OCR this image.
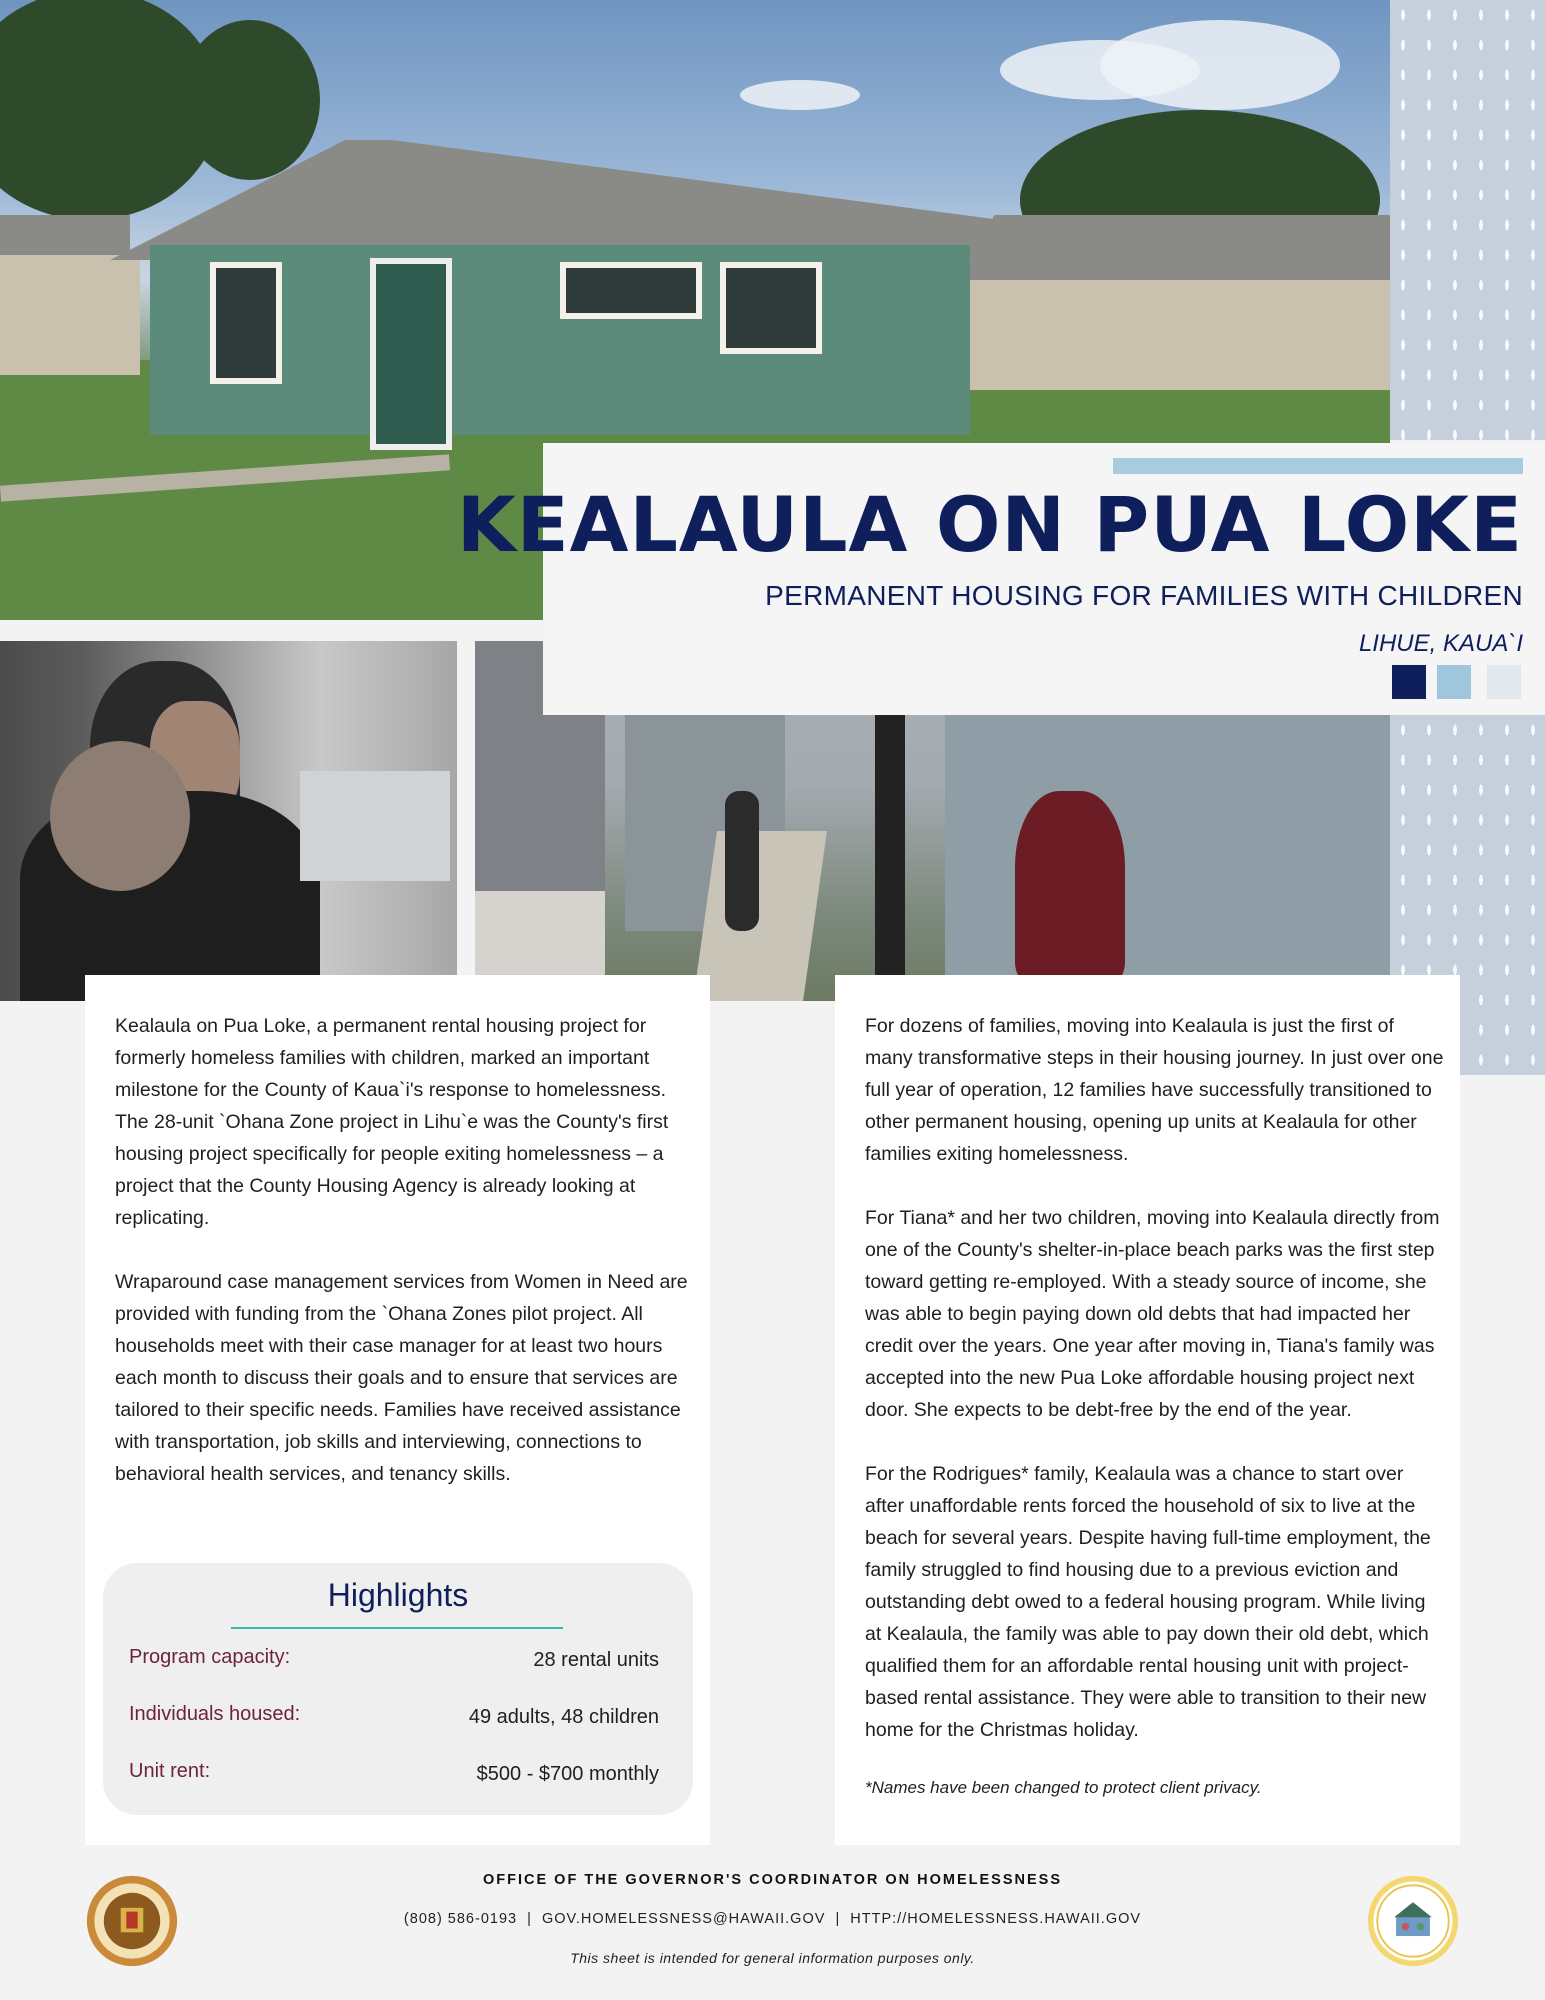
KEALAULA ON PUA LOKE

PERMANENT HOUSING FOR FAMILIES WITH CHILDREN

LIHUE, KAUA`I

Kealaula on Pua Loke, a permanent rental housing project for formerly homeless families with children, marked an important milestone for the County of Kaua`i's response to homelessness. The 28-unit `Ohana Zone project in Lihu`e was the County's first housing project specifically for people exiting homelessness – a project that the County Housing Agency is already looking at replicating.

Wraparound case management services from Women in Need are provided with funding from the `Ohana Zones pilot project. All households meet with their case manager for at least two hours each month to discuss their goals and to ensure that services are tailored to their specific needs. Families have received assistance with transportation, job skills and interviewing, connections to behavioral health services, and tenancy skills.

Highlights

Program capacity:	28 rental units
Individuals housed:	49 adults, 48 children
Unit rent:	$500 - $700 monthly

For dozens of families, moving into Kealaula is just the first of many transformative steps in their housing journey. In just over one full year of operation, 12 families have successfully transitioned to other permanent housing, opening up units at Kealaula for other families exiting homelessness.

For Tiana* and her two children, moving into Kealaula directly from one of the County's shelter-in-place beach parks was the first step toward getting re-employed. With a steady source of income, she was able to begin paying down old debts that had impacted her credit over the years. One year after moving in, Tiana's family was accepted into the new Pua Loke affordable housing project next door. She expects to be debt-free by the end of the year.

For the Rodrigues* family, Kealaula was a chance to start over after unaffordable rents forced the household of six to live at the beach for several years. Despite having full-time employment, the family struggled to find housing due to a previous eviction and outstanding debt owed to a federal housing program. While living at Kealaula, the family was able to pay down their old debt, which qualified them for an affordable rental housing unit with project-based rental assistance. They were able to transition to their new home for the Christmas holiday.

*Names have been changed to protect client privacy.

OFFICE OF THE GOVERNOR'S COORDINATOR ON HOMELESSNESS

(808) 586-0193  |  GOV.HOMELESSNESS@HAWAII.GOV  |  HTTP://HOMELESSNESS.HAWAII.GOV

This sheet is intended for general information purposes only.
